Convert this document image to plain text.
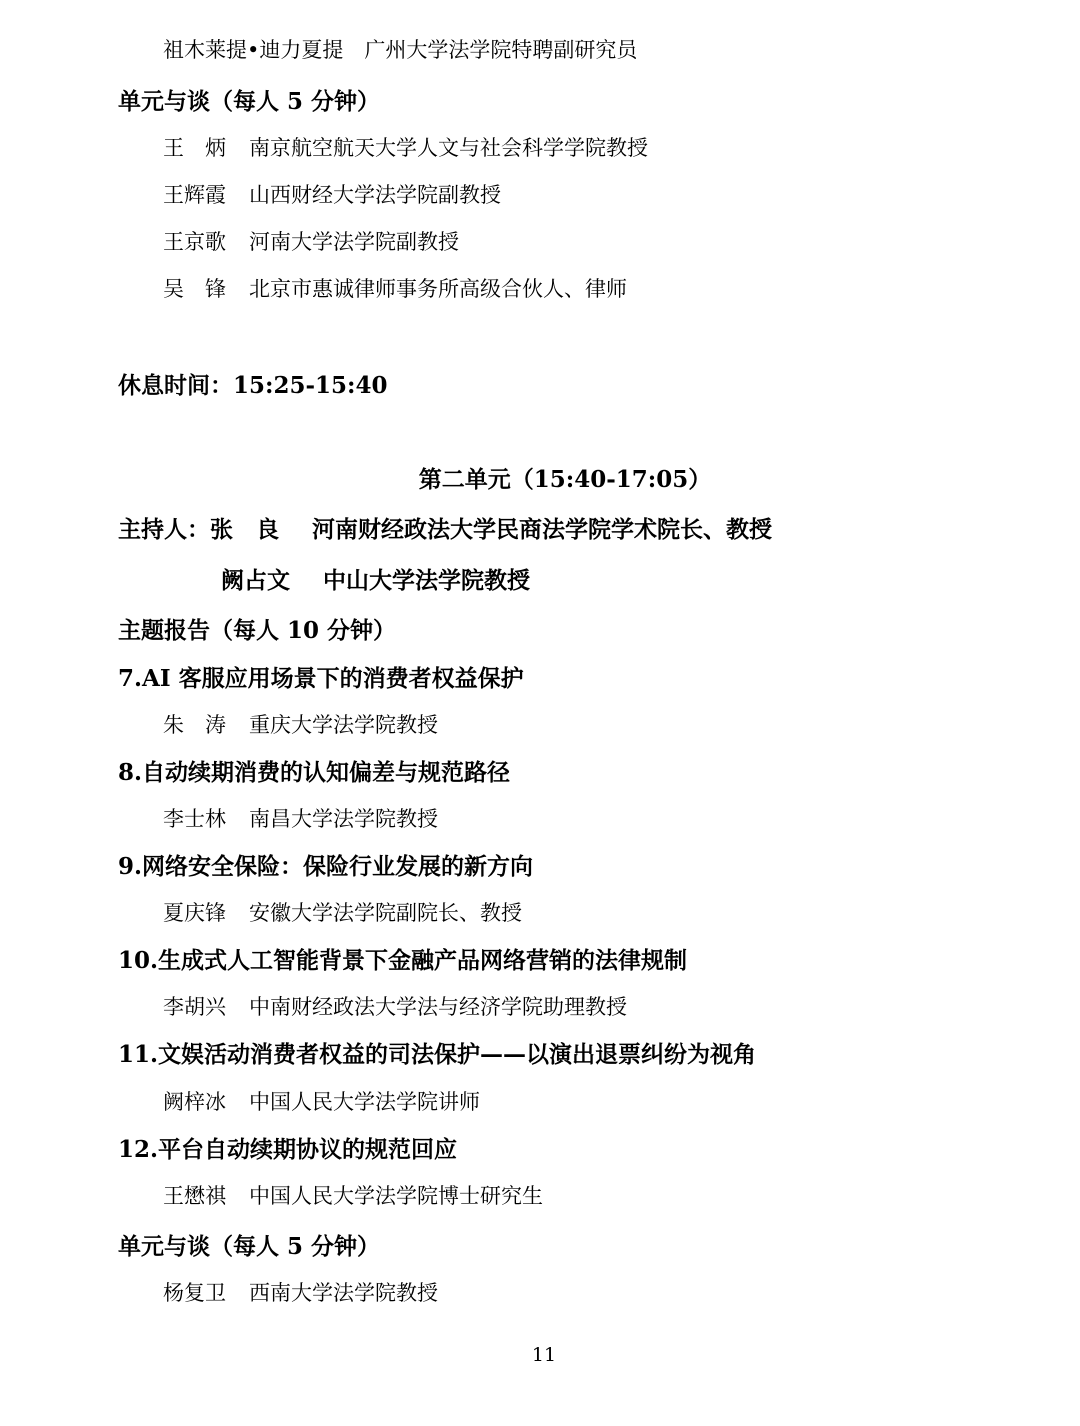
祖木莱提•迪力夏提　 广州大学法学院特聘副研究员
单元与谈（每人 5 分钟）
王　炳 南京航空航天大学人文与社会科学学院教授
王辉霞 山西财经大学法学院副教授
王京歌 河南大学法学院副教授
吴　锋 北京市惠诚律师事务所高级合伙人、律师
休息时间：15:25-15:40
第二单元（15:40-17:05）
主持人：张　良 河南财经政法大学民商法学院学术院长、教授
阙占文 中山大学法学院教授
主题报告（每人 10 分钟）
7.AI 客服应用场景下的消费者权益保护
朱　涛 重庆大学法学院教授
8.自动续期消费的认知偏差与规范路径
李士林 南昌大学法学院教授
9.网络安全保险：保险行业发展的新方向
夏庆锋 安徽大学法学院副院长、教授
10.生成式人工智能背景下金融产品网络营销的法律规制
李胡兴 中南财经政法大学法与经济学院助理教授
11.文娱活动消费者权益的司法保护——以演出退票纠纷为视角
阙梓冰 中国人民大学法学院讲师
12.平台自动续期协议的规范回应
王懋祺 中国人民大学法学院博士研究生
单元与谈（每人 5 分钟）
杨复卫 西南大学法学院教授
11
